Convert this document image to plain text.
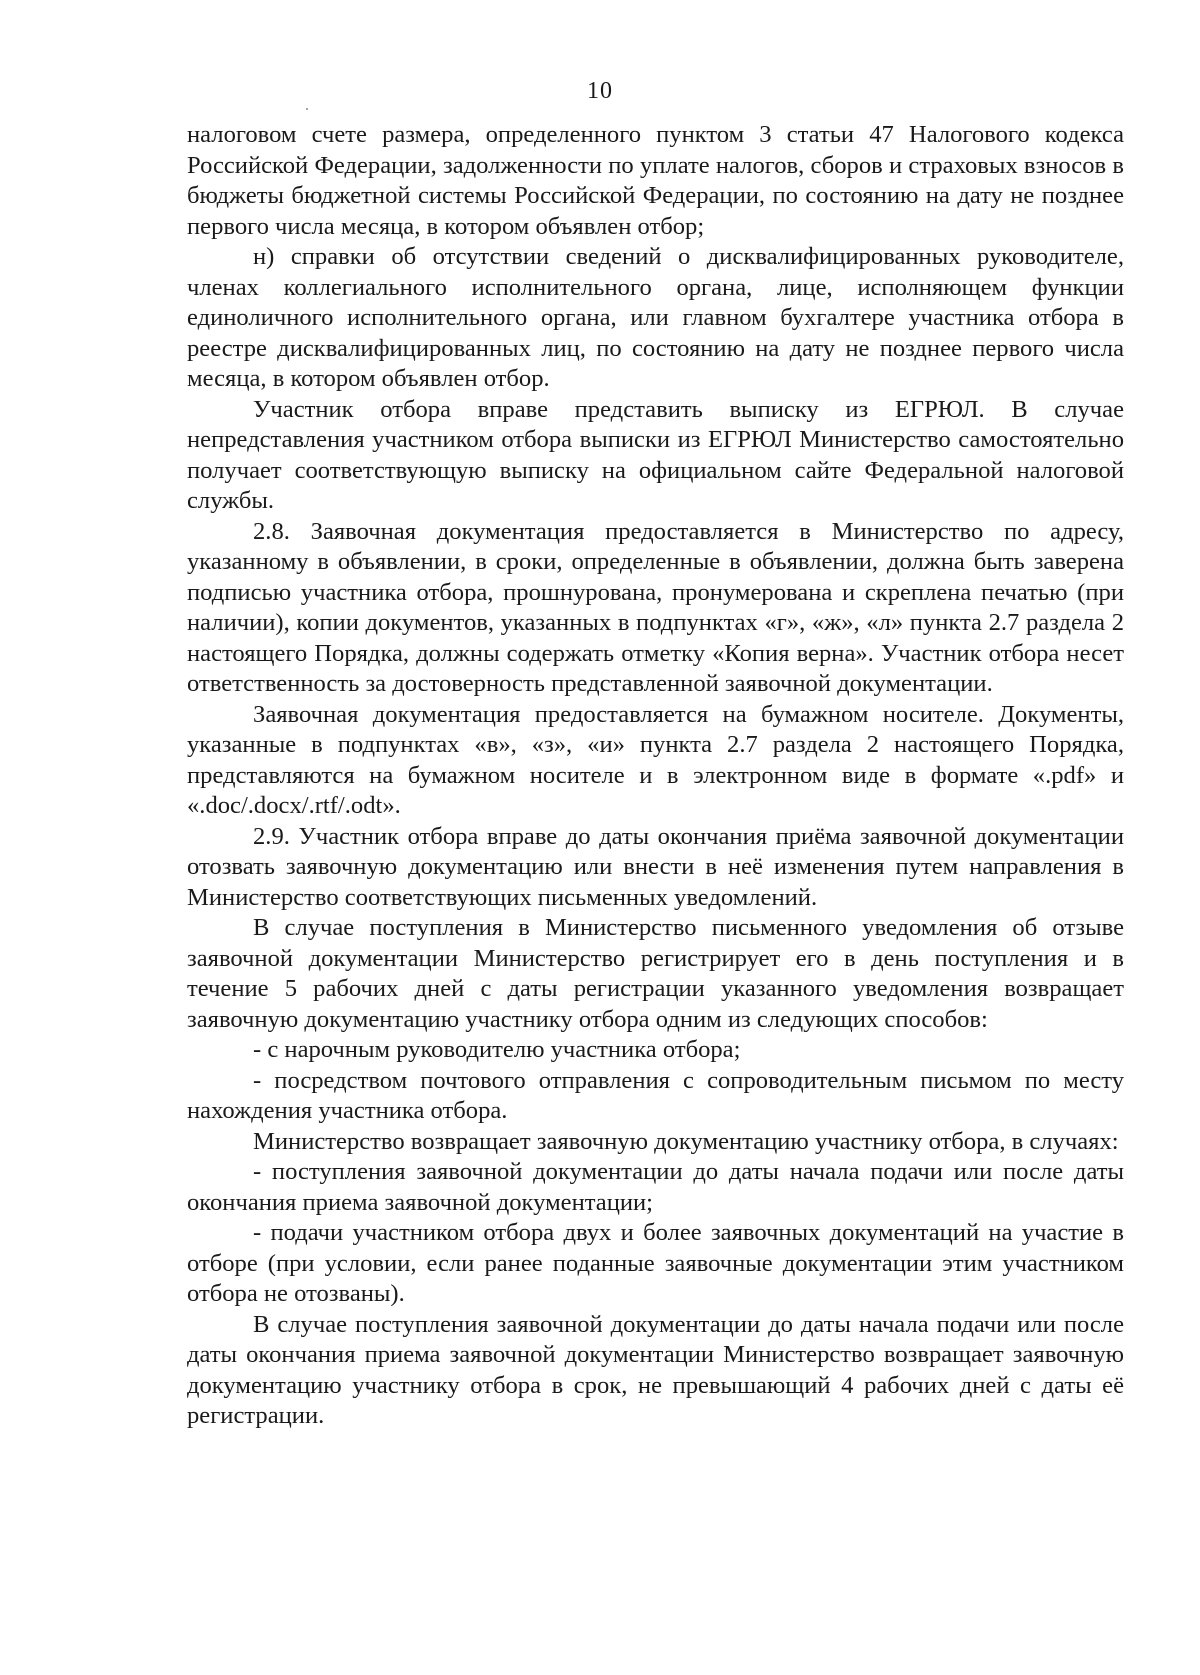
10

налоговом счете размера, определенного пунктом 3 статьи 47 Налогового кодекса Российской Федерации, задолженности по уплате налогов, сборов и страховых взносов в бюджеты бюджетной системы Российской Федерации, по состоянию на дату не позднее первого числа месяца, в котором объявлен отбор;

н) справки об отсутствии сведений о дисквалифицированных руководителе, членах коллегиального исполнительного органа, лице, исполняющем функции единоличного исполнительного органа, или главном бухгалтере участника отбора в реестре дисквалифицированных лиц, по состоянию на дату не позднее первого числа месяца, в котором объявлен отбор.

Участник отбора вправе представить выписку из ЕГРЮЛ. В случае непредставления участником отбора выписки из ЕГРЮЛ Министерство самостоятельно получает соответствующую выписку на официальном сайте Федеральной налоговой службы.

2.8. Заявочная документация предоставляется в Министерство по адресу, указанному в объявлении, в сроки, определенные в объявлении, должна быть заверена подписью участника отбора, прошнурована, пронумерована и скреплена печатью (при наличии), копии документов, указанных в подпунктах «г», «ж», «л» пункта 2.7 раздела 2 настоящего Порядка, должны содержать отметку «Копия верна». Участник отбора несет ответственность за достоверность представленной заявочной документации.

Заявочная документация предоставляется на бумажном носителе. Документы, указанные в подпунктах «в», «з», «и» пункта 2.7 раздела 2 настоящего Порядка, представляются на бумажном носителе и в электронном виде в формате «.pdf» и «.doc/.docx/.rtf/.odt».

2.9. Участник отбора вправе до даты окончания приёма заявочной документации отозвать заявочную документацию или внести в неё изменения путем направления в Министерство соответствующих письменных уведомлений.

В случае поступления в Министерство письменного уведомления об отзыве заявочной документации Министерство регистрирует его в день поступления и в течение 5 рабочих дней с даты регистрации указанного уведомления возвращает заявочную документацию участнику отбора одним из следующих способов:

- с нарочным руководителю участника отбора;

- посредством почтового отправления с сопроводительным письмом по месту нахождения участника отбора.

Министерство возвращает заявочную документацию участнику отбора, в случаях:

- поступления заявочной документации до даты начала подачи или после даты окончания приема заявочной документации;

- подачи участником отбора двух и более заявочных документаций на участие в отборе (при условии, если ранее поданные заявочные документации этим участником отбора не отозваны).

В случае поступления заявочной документации до даты начала подачи или после даты окончания приема заявочной документации Министерство возвращает заявочную документацию участнику отбора в срок, не превышающий 4 рабочих дней с даты её регистрации.
